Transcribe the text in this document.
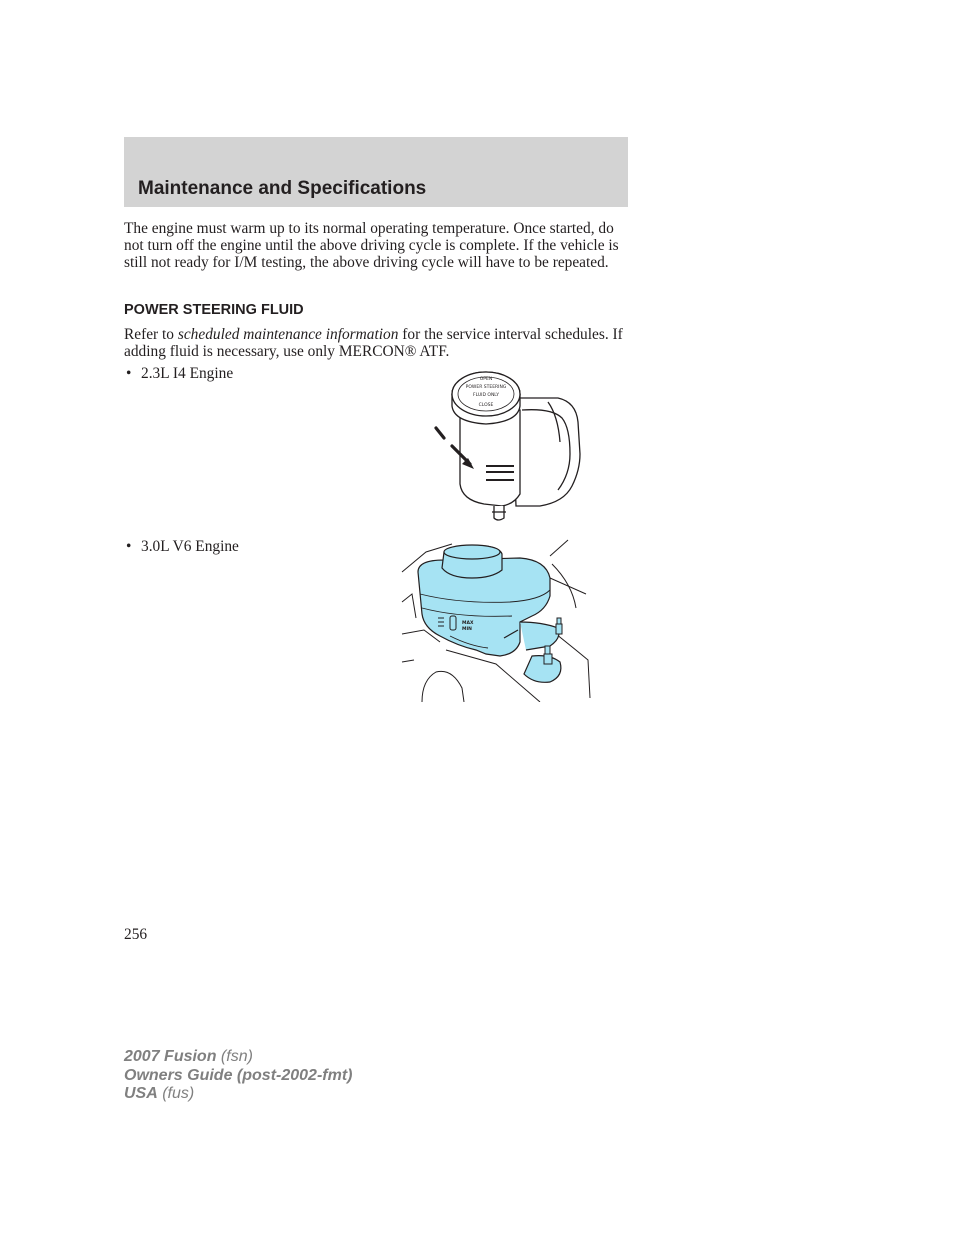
Maintenance and Specifications

The engine must warm up to its normal operating temperature. Once started, do not turn off the engine until the above driving cycle is complete. If the vehicle is still not ready for I/M testing, the above driving cycle will have to be repeated.

POWER STEERING FLUID

Refer to scheduled maintenance information for the service interval schedules. If adding fluid is necessary, use only MERCON® ATF.

• 2.3L I4 Engine	OPEN
POWER STEERING
FLUID ONLY
CLOSE

• 3.0L V6 Engine

MAX
MIN

256

2007 Fusion (fsn)
Owners Guide (post-2002-fmt)
USA (fus)
